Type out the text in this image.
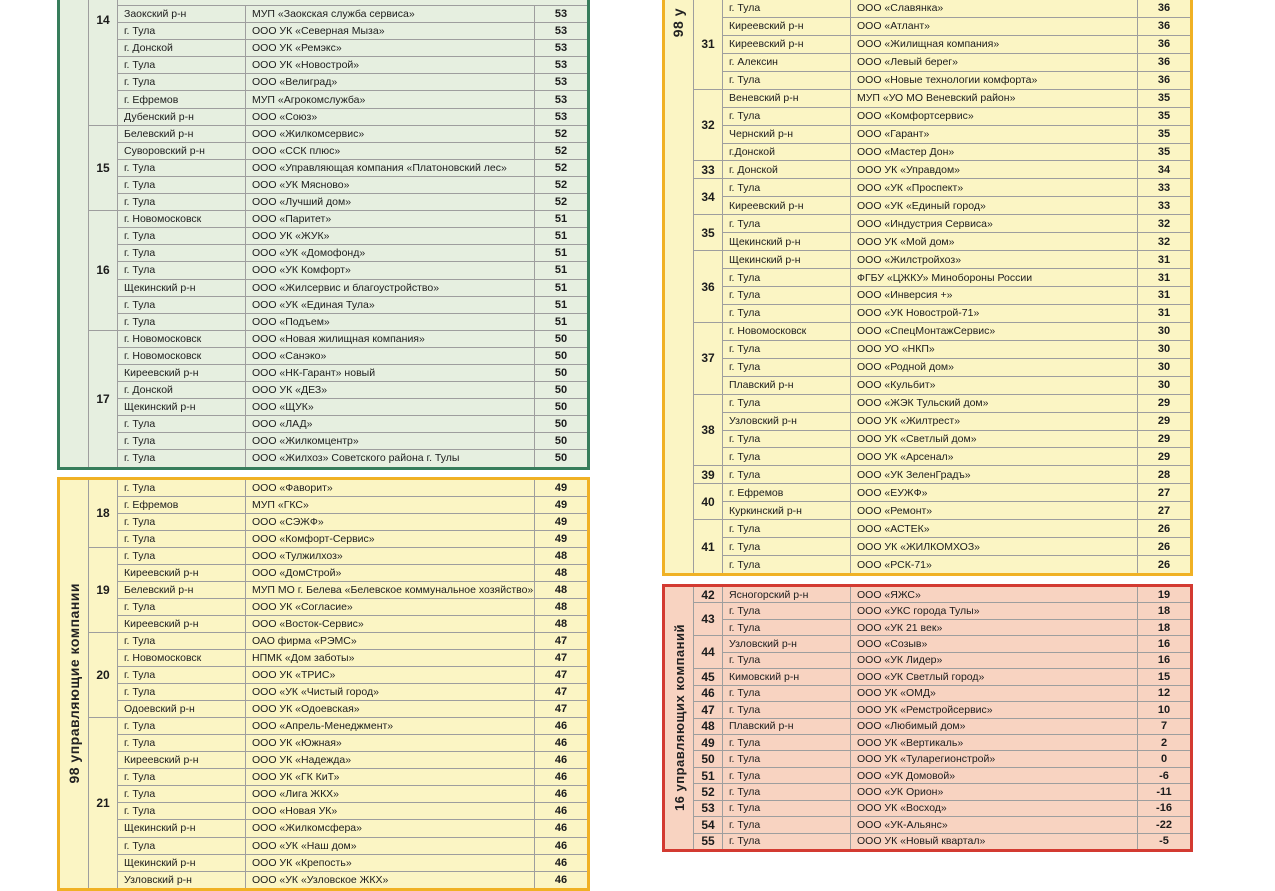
14	Заокский р-н	МУП «Заокская служба сервиса»	53
г. Тула	ООО УК «Северная Мыза»	53
г. Донской	ООО УК «Ремэкс»	53
г. Тула	ООО УК «Новострой»	53
г. Тула	ООО «Велиград»	53
г. Ефремов	МУП «Агрокомслужба»	53
Дубенский р-н	ООО «Союз»	53
15
Белевский р-н	ООО «Жилкомсервис»	52
Суворовский р-н	ООО «ССК плюс»	52
г. Тула	ООО «Управляющая компания «Платоновский лес»	52
г. Тула	ООО «УК Мясново»	52
г. Тула	ООО «Лучший дом»	52
16
г. Новомосковск	ООО «Паритет»	51
г. Тула	ООО УК «ЖУК»	51
г. Тула	ООО «УК «Домофонд»	51
г. Тула	ООО «УК Комфорт»	51
Щекинский р-н	ООО «Жилсервис и благоустройство»	51
г. Тула	ООО «УК «Единая Тула»	51
г. Тула	ООО «Подъем»	51
17
г. Новомосковск	ООО «Новая жилищная компания»	50
г. Новомосковск	ООО «Санэко»	50
Киреевский р-н	ООО «НК-Гарант» новый	50
г. Донской	ООО УК «ДЕЗ»	50
Щекинский р-н	ООО «ЩУК»	50
г. Тула	ООО «ЛАД»	50
г. Тула	ООО «Жилкомцентр»	50
г. Тула	ООО «Жилхоз» Советского района г. Тулы	50
98 управляющие компании
18
г. Тула	ООО «Фаворит»	49
г. Ефремов	МУП «ГКС»	49
г. Тула	ООО «СЭЖФ»	49
г. Тула	ООО «Комфорт-Сервис»	49
19
г. Тула	ООО «Тулжилхоз»	48
Киреевский р-н	ООО «ДомСтрой»	48
Белевский р-н	МУП МО г. Белева «Белевское коммунальное хозяйство»	48
г. Тула	ООО УК «Согласие»	48
Киреевский р-н	ООО «Восток-Сервис»	48
20
г. Тула	ОАО фирма «РЭМС»	47
г. Новомосковск	НПМК «Дом заботы»	47
г. Тула	ООО УК «ТРИС»	47
г. Тула	ООО «УК «Чистый город»	47
Одоевский р-н	ООО УК «Одоевская»	47
21
г. Тула	ООО «Апрель-Менеджмент»	46
г. Тула	ООО УК «Южная»	46
Киреевский р-н	ООО УК «Надежда»	46
г. Тула	ООО УК «ГК КиТ»	46
г. Тула	ООО «Лига ЖКХ»	46
г. Тула	ООО «Новая УК»	46
Щекинский р-н	ООО «Жилкомсфера»	46
г. Тула	ООО «УК «Наш дом»	46
Щекинский р-н	ООО УК «Крепость»	46
Узловский р-н	ООО «УК «Узловское ЖКХ»	46
98 у
31
г. Тула	ООО «Славянка»	36
Киреевский р-н	ООО «Атлант»	36
Киреевский р-н	ООО «Жилищная компания»	36
г. Алексин	ООО «Левый берег»	36
г. Тула	ООО «Новые технологии комфорта»	36
32
Веневский р-н	МУП «УО МО Веневский район»	35
г. Тула	ООО «Комфортсервис»	35
Чернский р-н	ООО «Гарант»	35
г.Донской	ООО «Мастер Дон»	35
33	г. Донской	ООО УК «Управдом»	34
34
г. Тула	ООО «УК «Проспект»	33
Киреевский р-н	ООО «УК «Единый город»	33
35
г. Тула	ООО «Индустрия Сервиса»	32
Щекинский р-н	ООО УК «Мой дом»	32
36
Щекинский р-н	ООО «Жилстройхоз»	31
г. Тула	ФГБУ «ЦЖКУ» Минобороны России	31
г. Тула	ООО «Инверсия +»	31
г. Тула	ООО «УК Новострой-71»	31
37
г. Новомосковск	ООО «СпецМонтажСервис»	30
г. Тула	ООО УО «НКП»	30
г. Тула	ООО «Родной дом»	30
Плавский р-н	ООО «Кульбит»	30
38
г. Тула	ООО «ЖЭК Тульский дом»	29
Узловский р-н	ООО УК «Жилтрест»	29
г. Тула	ООО УК «Светлый дом»	29
г. Тула	ООО УК «Арсенал»	29
39	г. Тула	ООО «УК ЗеленГрадъ»	28
40
г. Ефремов	ООО «ЕУЖФ»	27
Куркинский р-н	ООО «Ремонт»	27
41
г. Тула	ООО «АСТЕК»	26
г. Тула	ООО УК «ЖИЛКОМХОЗ»	26
г. Тула	ООО «РСК-71»	26
16 управляющих компаний
42	Ясногорский р-н	ООО «ЯЖС»	19
43
г. Тула	ООО «УКС города Тулы»	18
г. Тула	ООО «УК 21 век»	18
44
Узловский р-н	ООО «Созыв»	16
г. Тула	ООО «УК Лидер»	16
45	Кимовский р-н	ООО «УК Светлый город»	15
46	г. Тула	ООО УК «ОМД»	12
47	г. Тула	ООО УК «Ремстройсервис»	10
48	Плавский р-н	ООО «Любимый дом»	7
49	г. Тула	ООО УК «Вертикаль»	2
50	г. Тула	ООО УК «Туларегионстрой»	0
51	г. Тула	ООО «УК Домовой»	-6
52	г. Тула	ООО «УК Орион»	-11
53	г. Тула	ООО УК «Восход»	-16
54	г. Тула	ООО «УК-Альянс»	-22
55	г. Тула	ООО УК «Новый квартал»	-5
